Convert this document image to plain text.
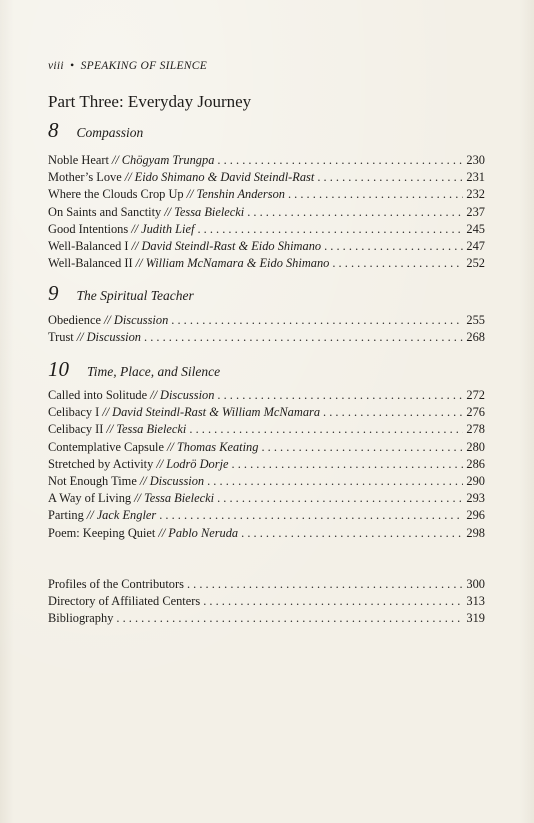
viii • SPEAKING OF SILENCE
Part Three: Everyday Journey
8 Compassion
Noble Heart // Chögyam Trungpa . . .	230
Mother’s Love // Eido Shimano & David Steindl-Rast . . .	231
Where the Clouds Crop Up // Tenshin Anderson . . .	232
On Saints and Sanctity // Tessa Bielecki . . .	237
Good Intentions // Judith Lief . . .	245
Well-Balanced I // David Steindl-Rast & Eido Shimano . . .	247
Well-Balanced II // William McNamara & Eido Shimano . . .	252
9 The Spiritual Teacher
Obedience // Discussion . . .	255
Trust // Discussion . . .	268
10 Time, Place, and Silence
Called into Solitude // Discussion . . .	272
Celibacy I // David Steindl-Rast & William McNamara . . .	276
Celibacy II // Tessa Bielecki . . .	278
Contemplative Capsule // Thomas Keating . . .	280
Stretched by Activity // Lodrö Dorje . . .	286
Not Enough Time // Discussion . . .	290
A Way of Living // Tessa Bielecki . . .	293
Parting // Jack Engler . . .	296
Poem: Keeping Quiet // Pablo Neruda . . .	298
Profiles of the Contributors . . .	300
Directory of Affiliated Centers . . .	313
Bibliography . . .	319
